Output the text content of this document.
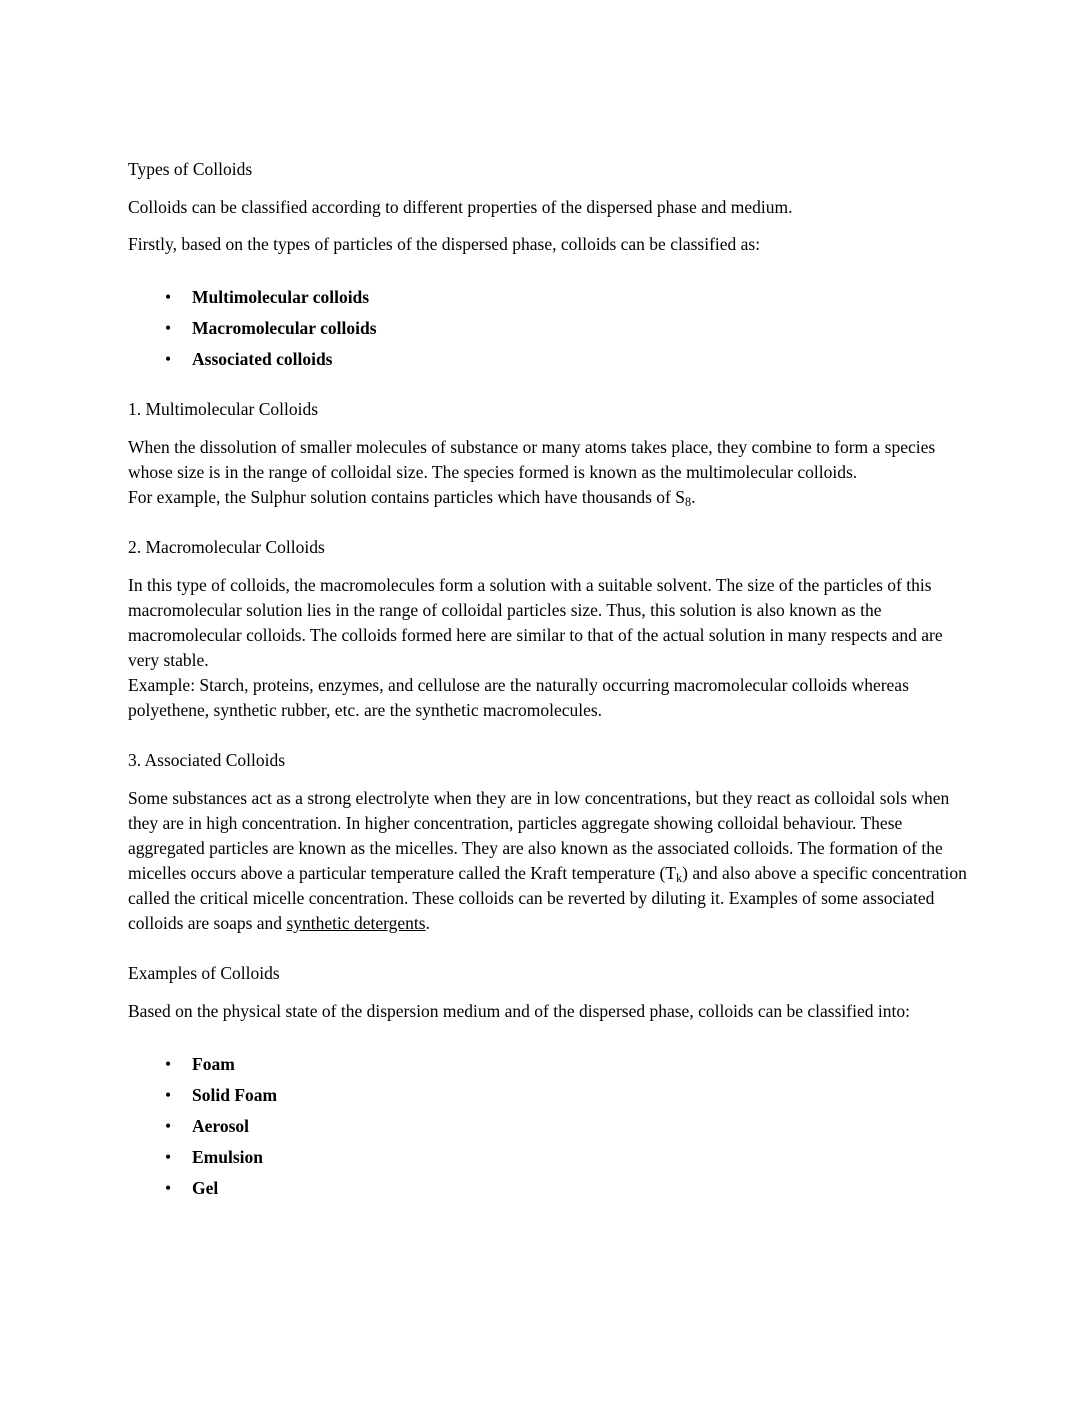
Types of Colloids

Colloids can be classified according to different properties of the dispersed phase and medium.

Firstly, based on the types of particles of the dispersed phase, colloids can be classified as:

• Multimolecular colloids
• Macromolecular colloids
• Associated colloids
1. Multimolecular Colloids

When the dissolution of smaller molecules of substance or many atoms takes place, they combine to form a species whose size is in the range of colloidal size. The species formed is known as the multimolecular colloids.
For example, the Sulphur solution contains particles which have thousands of $S_8$.

2. Macromolecular Colloids

In this type of colloids, the macromolecules form a solution with a suitable solvent. The size of the particles of this macromolecular solution lies in the range of colloidal particles size. Thus, this solution is also known as the macromolecular colloids. The colloids formed here are similar to that of the actual solution in many respects and are very stable.
Example: Starch, proteins, enzymes, and cellulose are the naturally occurring macromolecular colloids whereas polyethene, synthetic rubber, etc. are the synthetic macromolecules.

3. Associated Colloids

Some substances act as a strong electrolyte when they are in low concentrations, but they react as colloidal sols when they are in high concentration. In higher concentration, particles aggregate showing colloidal behaviour. These aggregated particles are known as the micelles. They are also known as the associated colloids. The formation of the micelles occurs above a particular temperature called the Kraft temperature $(T_k)$ and also above a specific concentration called the critical micelle concentration. These colloids can be reverted by diluting it. Examples of some associated colloids are soaps and synthetic detergents.

Examples of Colloids

Based on the physical state of the dispersion medium and of the dispersed phase, colloids can be classified into:

• Foam
• Solid Foam
• Aerosol
• Emulsion
• Gel
